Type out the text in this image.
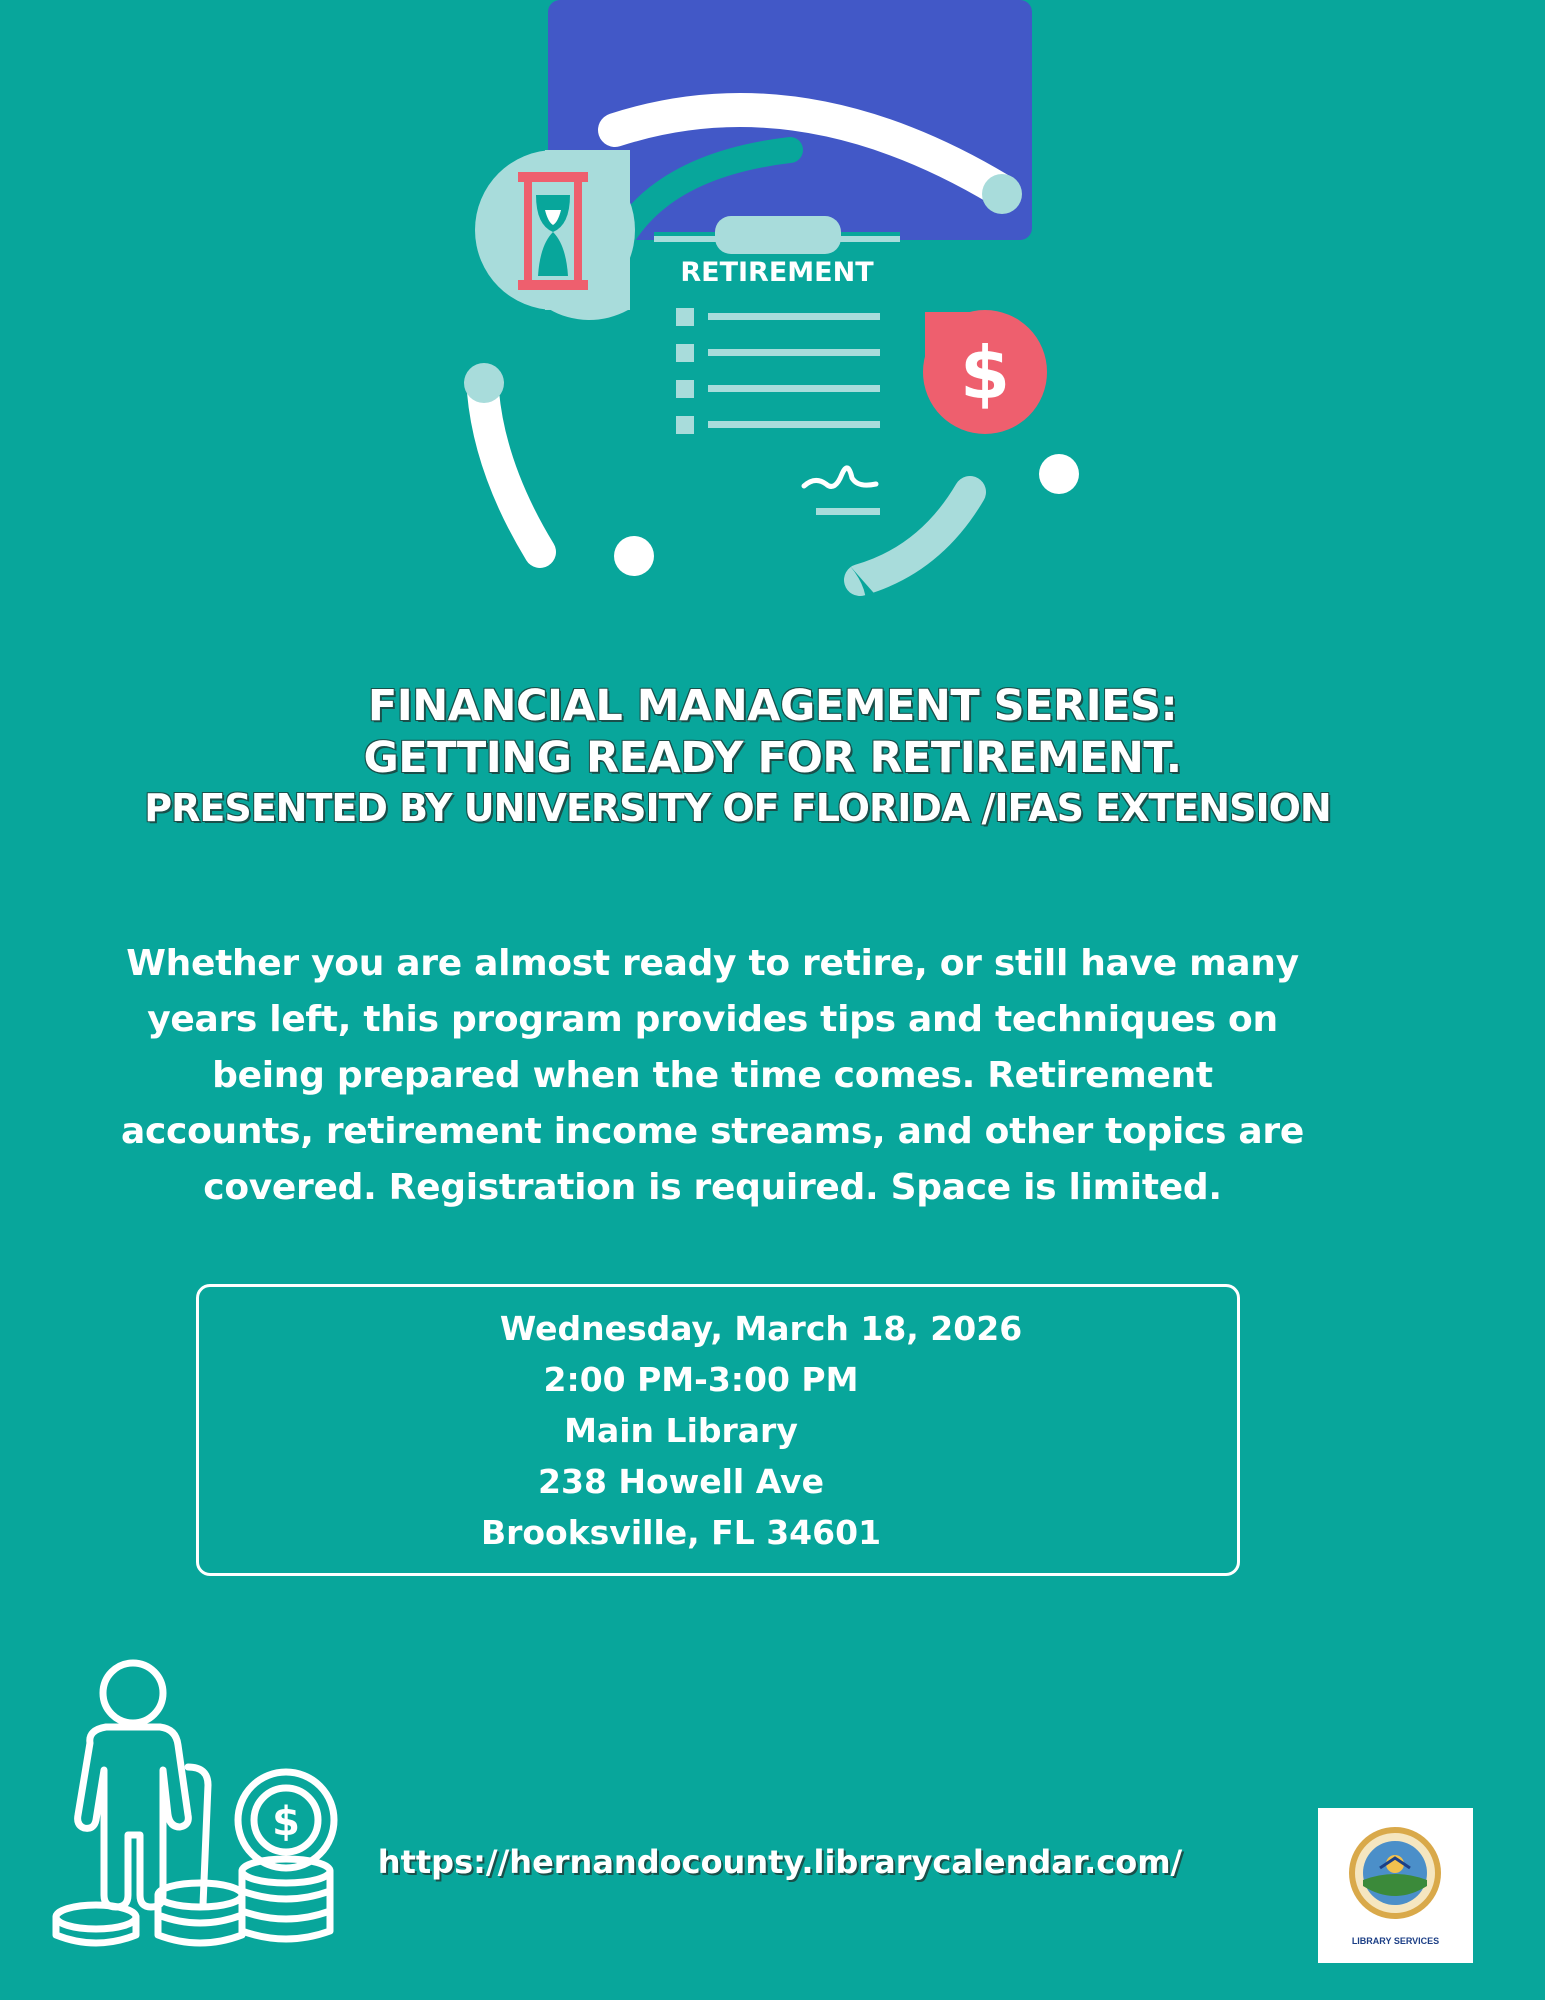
RETIREMENT
$
FINANCIAL MANAGEMENT SERIES:
GETTING READY FOR RETIREMENT.
PRESENTED BY UNIVERSITY OF FLORIDA /IFAS EXTENSION
Whether you are almost ready to retire, or still have many years left, this program provides tips and techniques on being prepared when the time comes. Retirement accounts, retirement income streams, and other topics are covered. Registration is required. Space is limited.
Wednesday, March 18, 2026
2:00 PM-3:00 PM
Main Library
238 Howell Ave
Brooksville, FL 34601
$
https://hernandocounty.librarycalendar.com/
LIBRARY SERVICES
